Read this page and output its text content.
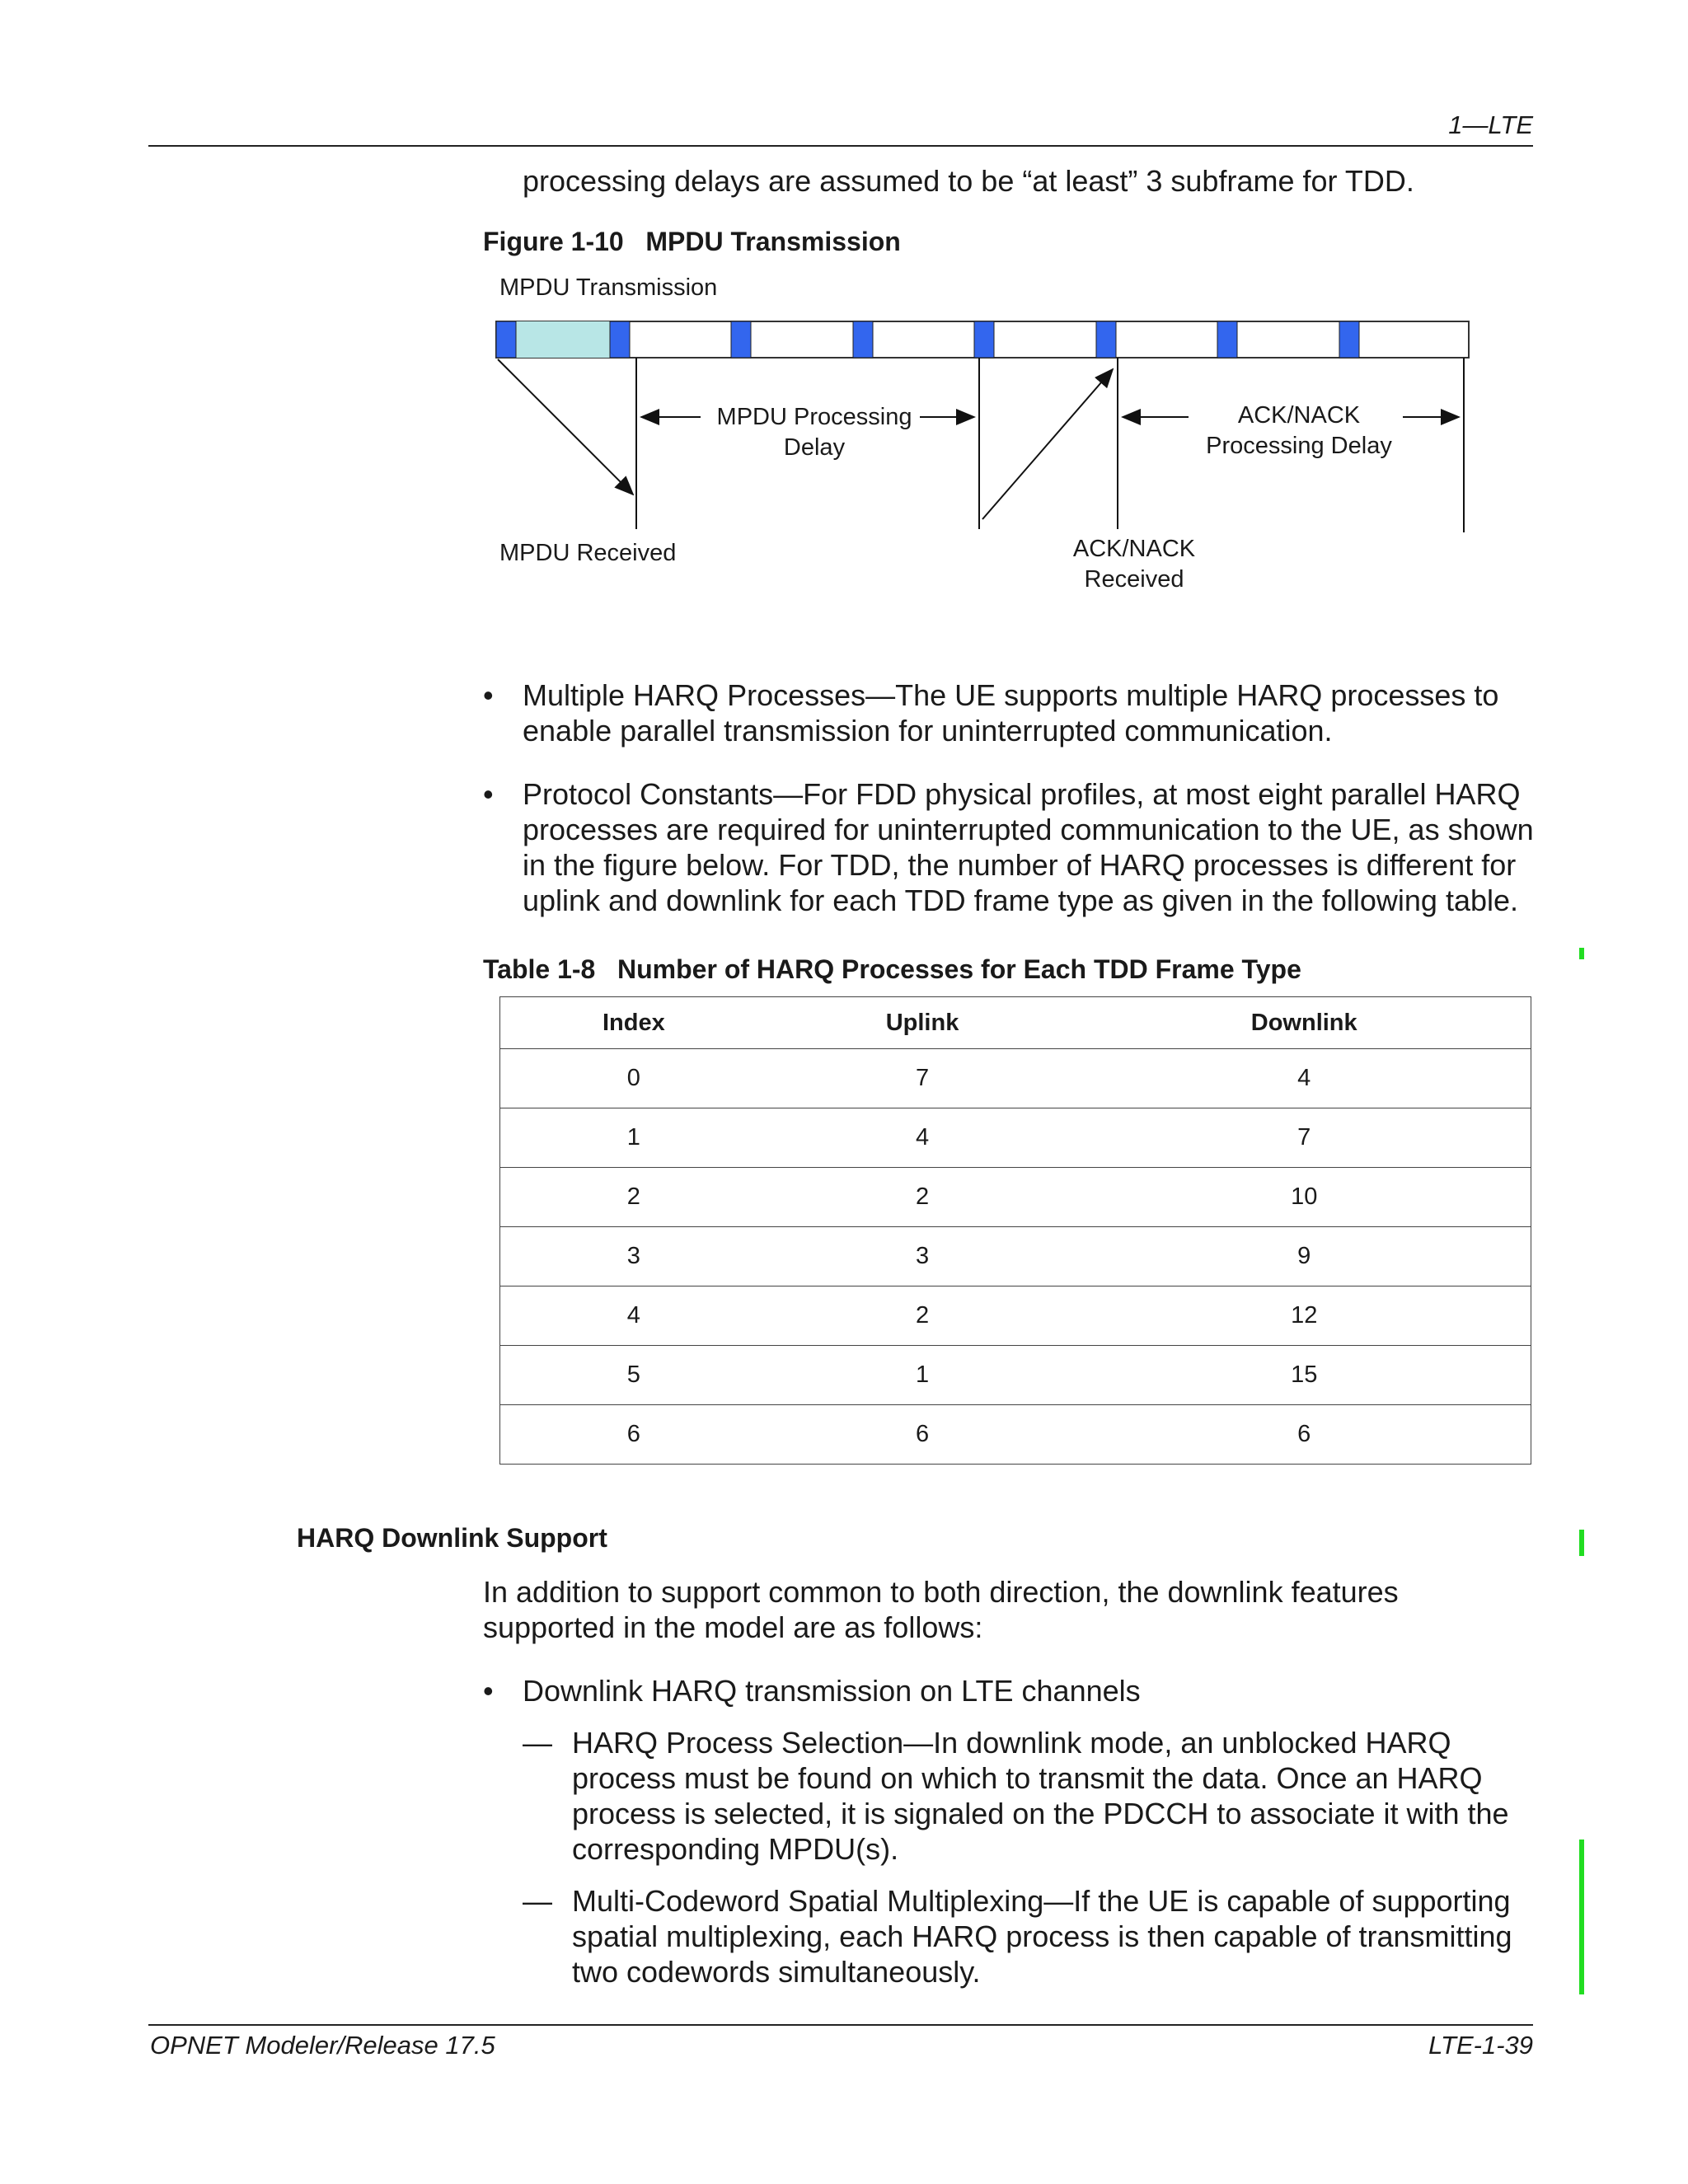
1—LTE
processing delays are assumed to be “at least” 3 subframe for TDD.
Figure 1-10   MPDU Transmission
MPDU Transmission
MPDU Processing
Delay
ACK/NACK
Processing Delay
MPDU Received	ACK/NACK
Received
• Multiple HARQ Processes—The UE supports multiple HARQ processes to enable parallel transmission for uninterrupted communication.
• Protocol Constants—For FDD physical profiles, at most eight parallel HARQ processes are required for uninterrupted communication to the UE, as shown in the figure below. For TDD, the number of HARQ processes is different for uplink and downlink for each TDD frame type as given in the following table.
Table 1-8   Number of HARQ Processes for Each TDD Frame Type
Index	Uplink	Downlink
0	7	4
1	4	7
2	2	10
3	3	9
4	2	12
5	1	15
6	6	6
HARQ Downlink Support
In addition to support common to both direction, the downlink features supported in the model are as follows:
• Downlink HARQ transmission on LTE channels
— HARQ Process Selection—In downlink mode, an unblocked HARQ process must be found on which to transmit the data. Once an HARQ process is selected, it is signaled on the PDCCH to associate it with the corresponding MPDU(s).
— Multi-Codeword Spatial Multiplexing—If the UE is capable of supporting spatial multiplexing, each HARQ process is then capable of transmitting two codewords simultaneously.
OPNET Modeler/Release 17.5	LTE-1-39
